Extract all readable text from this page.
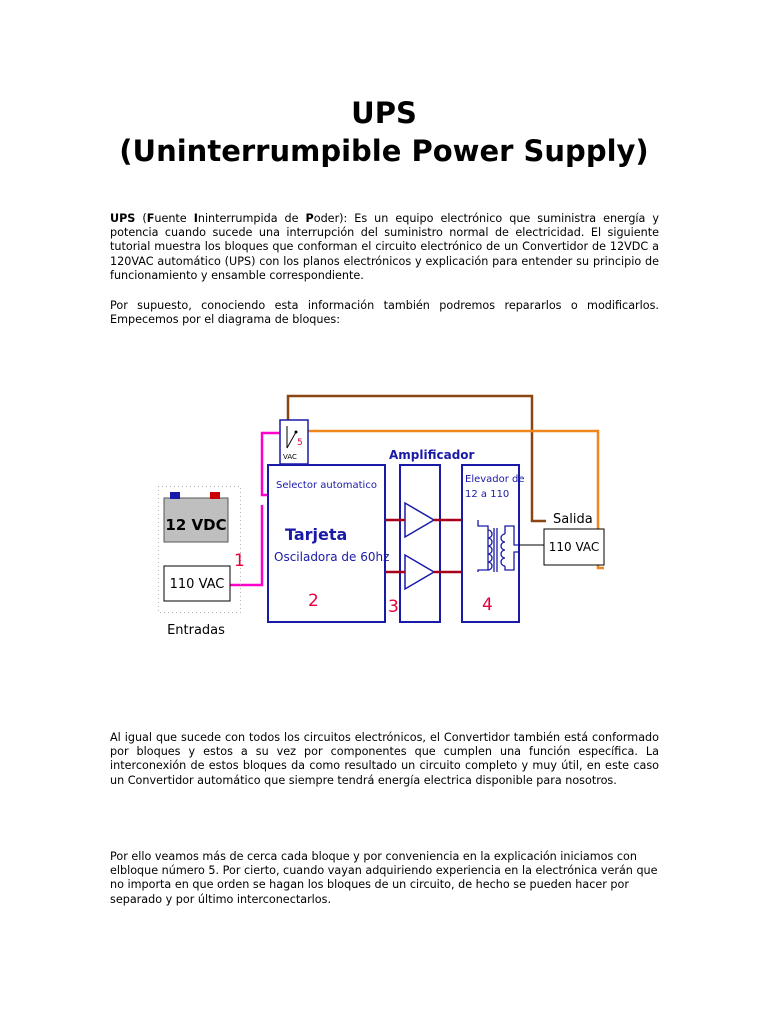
UPS
(Uninterrumpible Power Supply)
UPS (Fuente Ininterrumpida de Poder): Es un equipo electrónico que suministra energía y potencia cuando sucede una interrupción del suministro normal de electricidad. El siguiente tutorial muestra los bloques que conforman el circuito electrónico de un Convertidor de 12VDC a 120VAC automático (UPS) con los planos electrónicos y explicación para entender su principio de funcionamiento y ensamble correspondiente.
Por supuesto, conociendo esta información también podremos repararlos o modificarlos. Empecemos por el diagrama de bloques:
5
VAC
12 VDC
110 VAC
1
Entradas
Selector automatico
Tarjeta
Osciladora de 60hz
2
Amplificador
3
Elevador de
12 a 110
4
Salida
110 VAC
Al igual que sucede con todos los circuitos electrónicos, el Convertidor también está conformado por bloques y estos a su vez por componentes que cumplen una función específica. La interconexión de estos bloques da como resultado un circuito completo y muy útil, en este caso un Convertidor automático que siempre tendrá energía electrica disponible para nosotros.
Por ello veamos más de cerca cada bloque y por conveniencia en la explicación iniciamos con elbloque número 5. Por cierto, cuando vayan adquiriendo experiencia en la electrónica verán que no importa en que orden se hagan los bloques de un circuito, de hecho se pueden hacer por separado y por último interconectarlos.
